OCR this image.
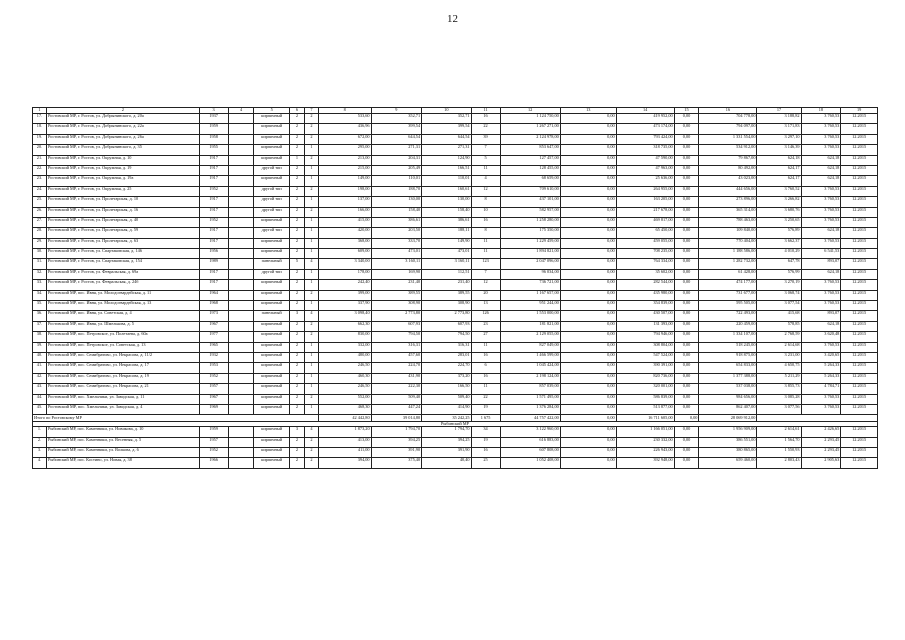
12
1	2	3	4	5	6	7	8	9	10	11	12	13	14	15	16	17	18	19
17.	Ростовский МР, г. Ростов, ул. Добрынинского, д. 20а	1937		кирпичный	2	2	533,60	352,71	352,71	16	1 124 750,00	0,00	419 952,00	0,00	704 778,00	3 188,82	3 760,53	12.2015
18.	Ростовский МР, г. Ростов, ул. Добрынинского, д. 22а	1959		кирпичный	2	2	436,96	399,54	399,54	22	1 267 271,00	0,00	473 174,00	0,00	794 097,00	3 171,83	3 760,53	12.2015
19.	Ростовский МР, г. Ростов, ул. Добрынинского, д. 26а	1958		кирпичный	2	2	672,00	644,54	644,54	39	2 124 978,00	0,00	793 424,00	0,00	1 331 554,00	3 297,10	3 760,53	12.2015
20.	Ростовский МР, г. Ростов, ул. Добрынинского, д. 35	1955		кирпичный	2	1	295,00	271,31	271,31	7	853 647,00	0,00	318 735,00	0,00	534 912,00	3 146,39	3 760,53	12.2015
21.	Ростовский МР, г. Ростов, ул. Окружная, д. 10	1917		кирпичный	1	2	213,00	204,31	124,90	5	127 457,00	0,00	47 590,00	0,00	79 867,00	624,18	624,18	12.2015
22.	Ростовский МР, г. Ростов, ул. Окружная, д. 19	1917		другой тип	2	1	215,00	205,49	166,51	11	128 455,00	0,00	47 963,00	0,00	80 492,00	624,17	624,18	12.2015
23.	Ростовский МР, г. Ростов, ул. Окружная, д. 19а	1917		кирпичный	2	1	149,00	110,01	110,01	4	68 659,00	0,00	25 636,00	0,00	43 023,00	624,17	624,18	12.2015
24.	Ростовский МР, г. Ростов, ул. Окружная, д. 25	1952		другой тип	2	2	198,00	188,70	160,61	12	709 610,00	0,00	264 955,00	0,00	444 656,00	3 760,52	3 760,53	12.2015
25.	Ростовский МР, г. Ростов, ул. Пролетарская, д. 10	1917		другой тип	2	1	137,00	130,00	130,00	8	437 101,00	0,00	163 205,00	0,00	273 896,00	3 266,82	3 760,53	12.2015
26.	Ростовский МР, г. Ростов, ул. Пролетарская, д. 16	1917		другой тип	2	2	166,00	158,40	158,40	10	582 957,00	0,00	217 678,00	0,00	365 314,00	3 680,76	3 760,53	12.2015
27.	Ростовский МР, г. Ростов, ул. Пролетарская, д. 40	1952		кирпичный	2	1	415,00	386,61	386,61	16	1 258 280,00	0,00	469 817,00	0,00	788 463,00	3 250,65	3 760,53	12.2015
28.	Ростовский МР, г. Ростов, ул. Пролетарская, д. 59	1917		другой тип	2	1	420,00	203,50	188,11	8	175 350,00	0,00	65 450,00	0,00	109 840,00	576,89	624,18	12.2015
29.	Ростовский МР, г. Ростов, ул. Пролетарская, д. 63	1917		кирпичный	2	1	368,00	333,70	149,90	11	1 229 459,00	0,00	459 055,00	0,00	770 404,00	3 662,37	3 760,53	12.2015
30.	Ростовский МР, г. Ростов, ул. Спартаковская, д. 146	1956		кирпичный	2	1	609,00	473,01	473,01	11	1 894 821,00	0,00	708 235,00	0,00	1 188 586,00	4 010,29	6 541,53	12.2015
31.	Ростовский МР, г. Ростов, ул. Спартаковская, д. 154	1989		панельный	5	4	3 340,00	3 160,11	3 160,11	123	2 047 096,00	0,00	764 334,00	0,00	1 282 732,00	647,78	893,07	12.2015
32.	Ростовский МР, г. Ростов, ул. Февральская, д. 69а	1917		другой тип	2	1	178,00	169,90	112,51	7	96 034,00	0,00	35 602,00	0,00	61 428,00	576,99	624,18	12.2015
33.	Ростовский МР, г. Ростов, ул. Февральская, д. 24б	1917		кирпичный	2	1	242,40	231,40	231,40	12	736 721,00	0,00	282 544,00	0,00	474 177,00	3 270,19	3 760,53	12.2015
34.	Ростовский МР, пос. Ивня, ул. Молодогвардейская, д. 11	1964		кирпичный	2	2	399,00	389,55	389,55	20	1 167 657,00	0,00	435 980,00	0,00	731 677,00	3 068,74	3 760,53	12.2015
35.	Ростовский МР, пос. Ивня, ул. Молодогвардейская, д. 13	1968		кирпичный	2	1	337,90	308,90	308,90	13	951 244,00	0,00	354 839,00	0,00	595 505,00	3 077,54	3 760,53	12.2015
36.	Ростовский МР, пос. Ивня, ул. Советская, д. 4	1973		панельный	3	4	3 098,40	2 773,80	2 773,80	126	1 553 000,00	0,00	430 507,00	0,00	722 493,00	415,68	893,07	12.2015
37.	Ростовский МР, пос. Ивня, ул. Шмелькова, д. 5	1967		кирпичный	2	2	662,30	607,93	607,93	23	181 821,00	0,00	131 393,00	0,00	220 459,00	578,85	624,18	12.2015
38.	Ростовский МР, пос. Петровское, ул. Полетаева, д. 60а	1977		кирпичный	2	2	830,00	794,50	794,50	27	2 129 055,00	0,00	794 946,00	0,00	1 334 107,00	2 768,59	3 620,48	12.2015
39.	Ростовский МР, пос. Петровское, ул. Советская, д. 13	1965		кирпичный	2	1	332,00	316,31	316,31	11	827 049,00	0,00	308 804,00	0,00	518 245,00	2 614,68	3 760,53	12.2015
40.	Ростовский МР, пос. Семибратово, ул. Некрасова, д. 11/2	1932		кирпичный	2	1	480,00	457,60	283,01	16	1 466 599,00	0,00	547 524,00	0,00	918 875,00	3 231,00	3 420,65	12.2015
41.	Ростовский МР, пос. Семибратово, ул. Некрасова, д. 17	1953		кирпичный	2	1	246,50	224,70	224,70	6	1 045 424,00	0,00	390 391,00	0,00	654 833,00	4 650,75	5 264,33	12.2015
42.	Ростовский МР, пос. Семибратово, ул. Некрасова, д. 19	1952		кирпичный	2	1	460,30	431,90	373,20	16	2 198 124,00	0,00	820 736,00	0,00	1 377 388,00	5 211,29	5 264,33	12.2015
43.	Ростовский МР, пос. Семибратово, ул. Некрасова, д. 21	1957		кирпичный	2	1	246,50	222,30	166,50	11	857 039,00	0,00	320 001,00	0,00	537 038,00	3 855,73	4 784,71	12.2015
44.	Ростовский МР, пос. Хмельники, ул. Заводская, д. 11	1967		кирпичный	2	2	552,00	509,40	509,40	22	1 571 495,00	0,00	586 839,00	0,00	984 656,00	3 085,28	3 760,53	12.2015
45.	Ростовский МР, пос. Хмельники, ул. Заводская, д. 4	1969		кирпичный	2	1	468,30	447,24	414,90	19	1 376 284,00	0,00	513 877,00	0,00	862 407,00	3 077,56	3 760,53	12.2015
Итого по Ростовскому МР							42 442,80	39 014,80	35 242,25	1 675	44 757 422,00	0,00	16 711 605,00	0,00	28 069 912,00			
Рыбинский МР																		
1.	Рыбинский МР, пос. Каменники, ул. Новикова, д. 10	1959		кирпичный	3	4	1 873,20	1 794,70	1 794,70	34	3 122 960,00	0,00	1 166 051,00	0,00	1 956 909,00	2 614,61	2 426,65	12.2015
2.	Рыбинский МР, пос. Каменники, ул. Весенняя, д. 5	1957		кирпичный	2	2	413,00	394,25	394,25	19	616 883,00	0,00	230 332,00	0,00	386 551,00	1 564,70	2 293,45	12.2015
3.	Рыбинский МР, пос. Каменники, ул. Волкова, д. 6	1952		кирпичный	2	2	411,00	391,90	391,90	16	607 808,00	0,00	226 943,00	0,00	380 865,00	1 550,93	2 293,45	12.2015
4.	Рыбинский МР, пос. Костино, ул. Новая, д. 38	1966		кирпичный	2	2	394,00	375,40	40,40	25	1 052 408,00	0,00	392 948,00	0,00	659 460,00	2 803,43	2 905,63	12.2015
